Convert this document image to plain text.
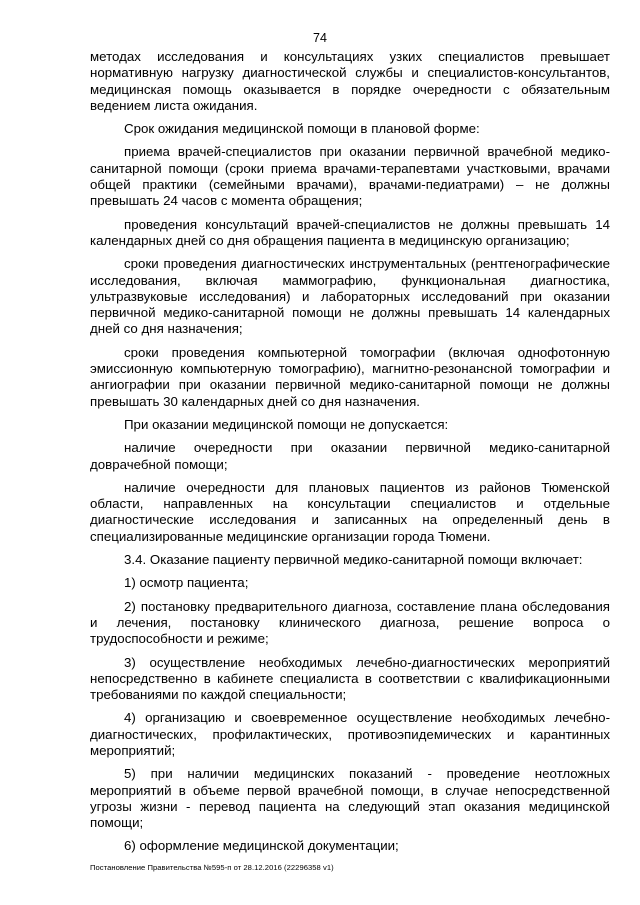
74

методах исследования и консультациях узких специалистов превышает нормативную нагрузку диагностической службы и специалистов-консультантов, медицинская помощь оказывается в порядке очередности с обязательным ведением листа ожидания.

Срок ожидания медицинской помощи в плановой форме:

приема врачей-специалистов при оказании первичной врачебной медико-санитарной помощи (сроки приема врачами-терапевтами участковыми, врачами общей практики (семейными врачами), врачами-педиатрами) – не должны превышать 24 часов с момента обращения;

проведения консультаций врачей-специалистов не должны превышать 14 календарных дней со дня обращения пациента в медицинскую организацию;

сроки проведения диагностических инструментальных (рентгенографические исследования, включая маммографию, функциональная диагностика, ультразвуковые исследования) и лабораторных исследований при оказании первичной медико-санитарной помощи не должны превышать 14 календарных дней со дня назначения;

сроки проведения компьютерной томографии (включая однофотонную эмиссионную компьютерную томографию), магнитно-резонансной томографии и ангиографии при оказании первичной медико-санитарной помощи не должны превышать 30 календарных дней со дня назначения.

При оказании медицинской помощи не допускается:

наличие очередности при оказании первичной медико-санитарной доврачебной помощи;

наличие очередности для плановых пациентов из районов Тюменской области, направленных на консультации специалистов и отдельные диагностические исследования и записанных на определенный день в специализированные медицинские организации города Тюмени.

3.4. Оказание пациенту первичной медико-санитарной помощи включает:

1) осмотр пациента;

2) постановку предварительного диагноза, составление плана обследования и лечения, постановку клинического диагноза, решение вопроса о трудоспособности и режиме;

3) осуществление необходимых лечебно-диагностических мероприятий непосредственно в кабинете специалиста в соответствии с квалификационными требованиями по каждой специальности;

4) организацию и своевременное осуществление необходимых лечебно-диагностических, профилактических, противоэпидемических и карантинных мероприятий;

5) при наличии медицинских показаний - проведение неотложных мероприятий в объеме первой врачебной помощи, в случае непосредственной угрозы жизни - перевод пациента на следующий этап оказания медицинской помощи;

6) оформление медицинской документации;

Постановление Правительства №595-п от 28.12.2016 (22296358 v1)
